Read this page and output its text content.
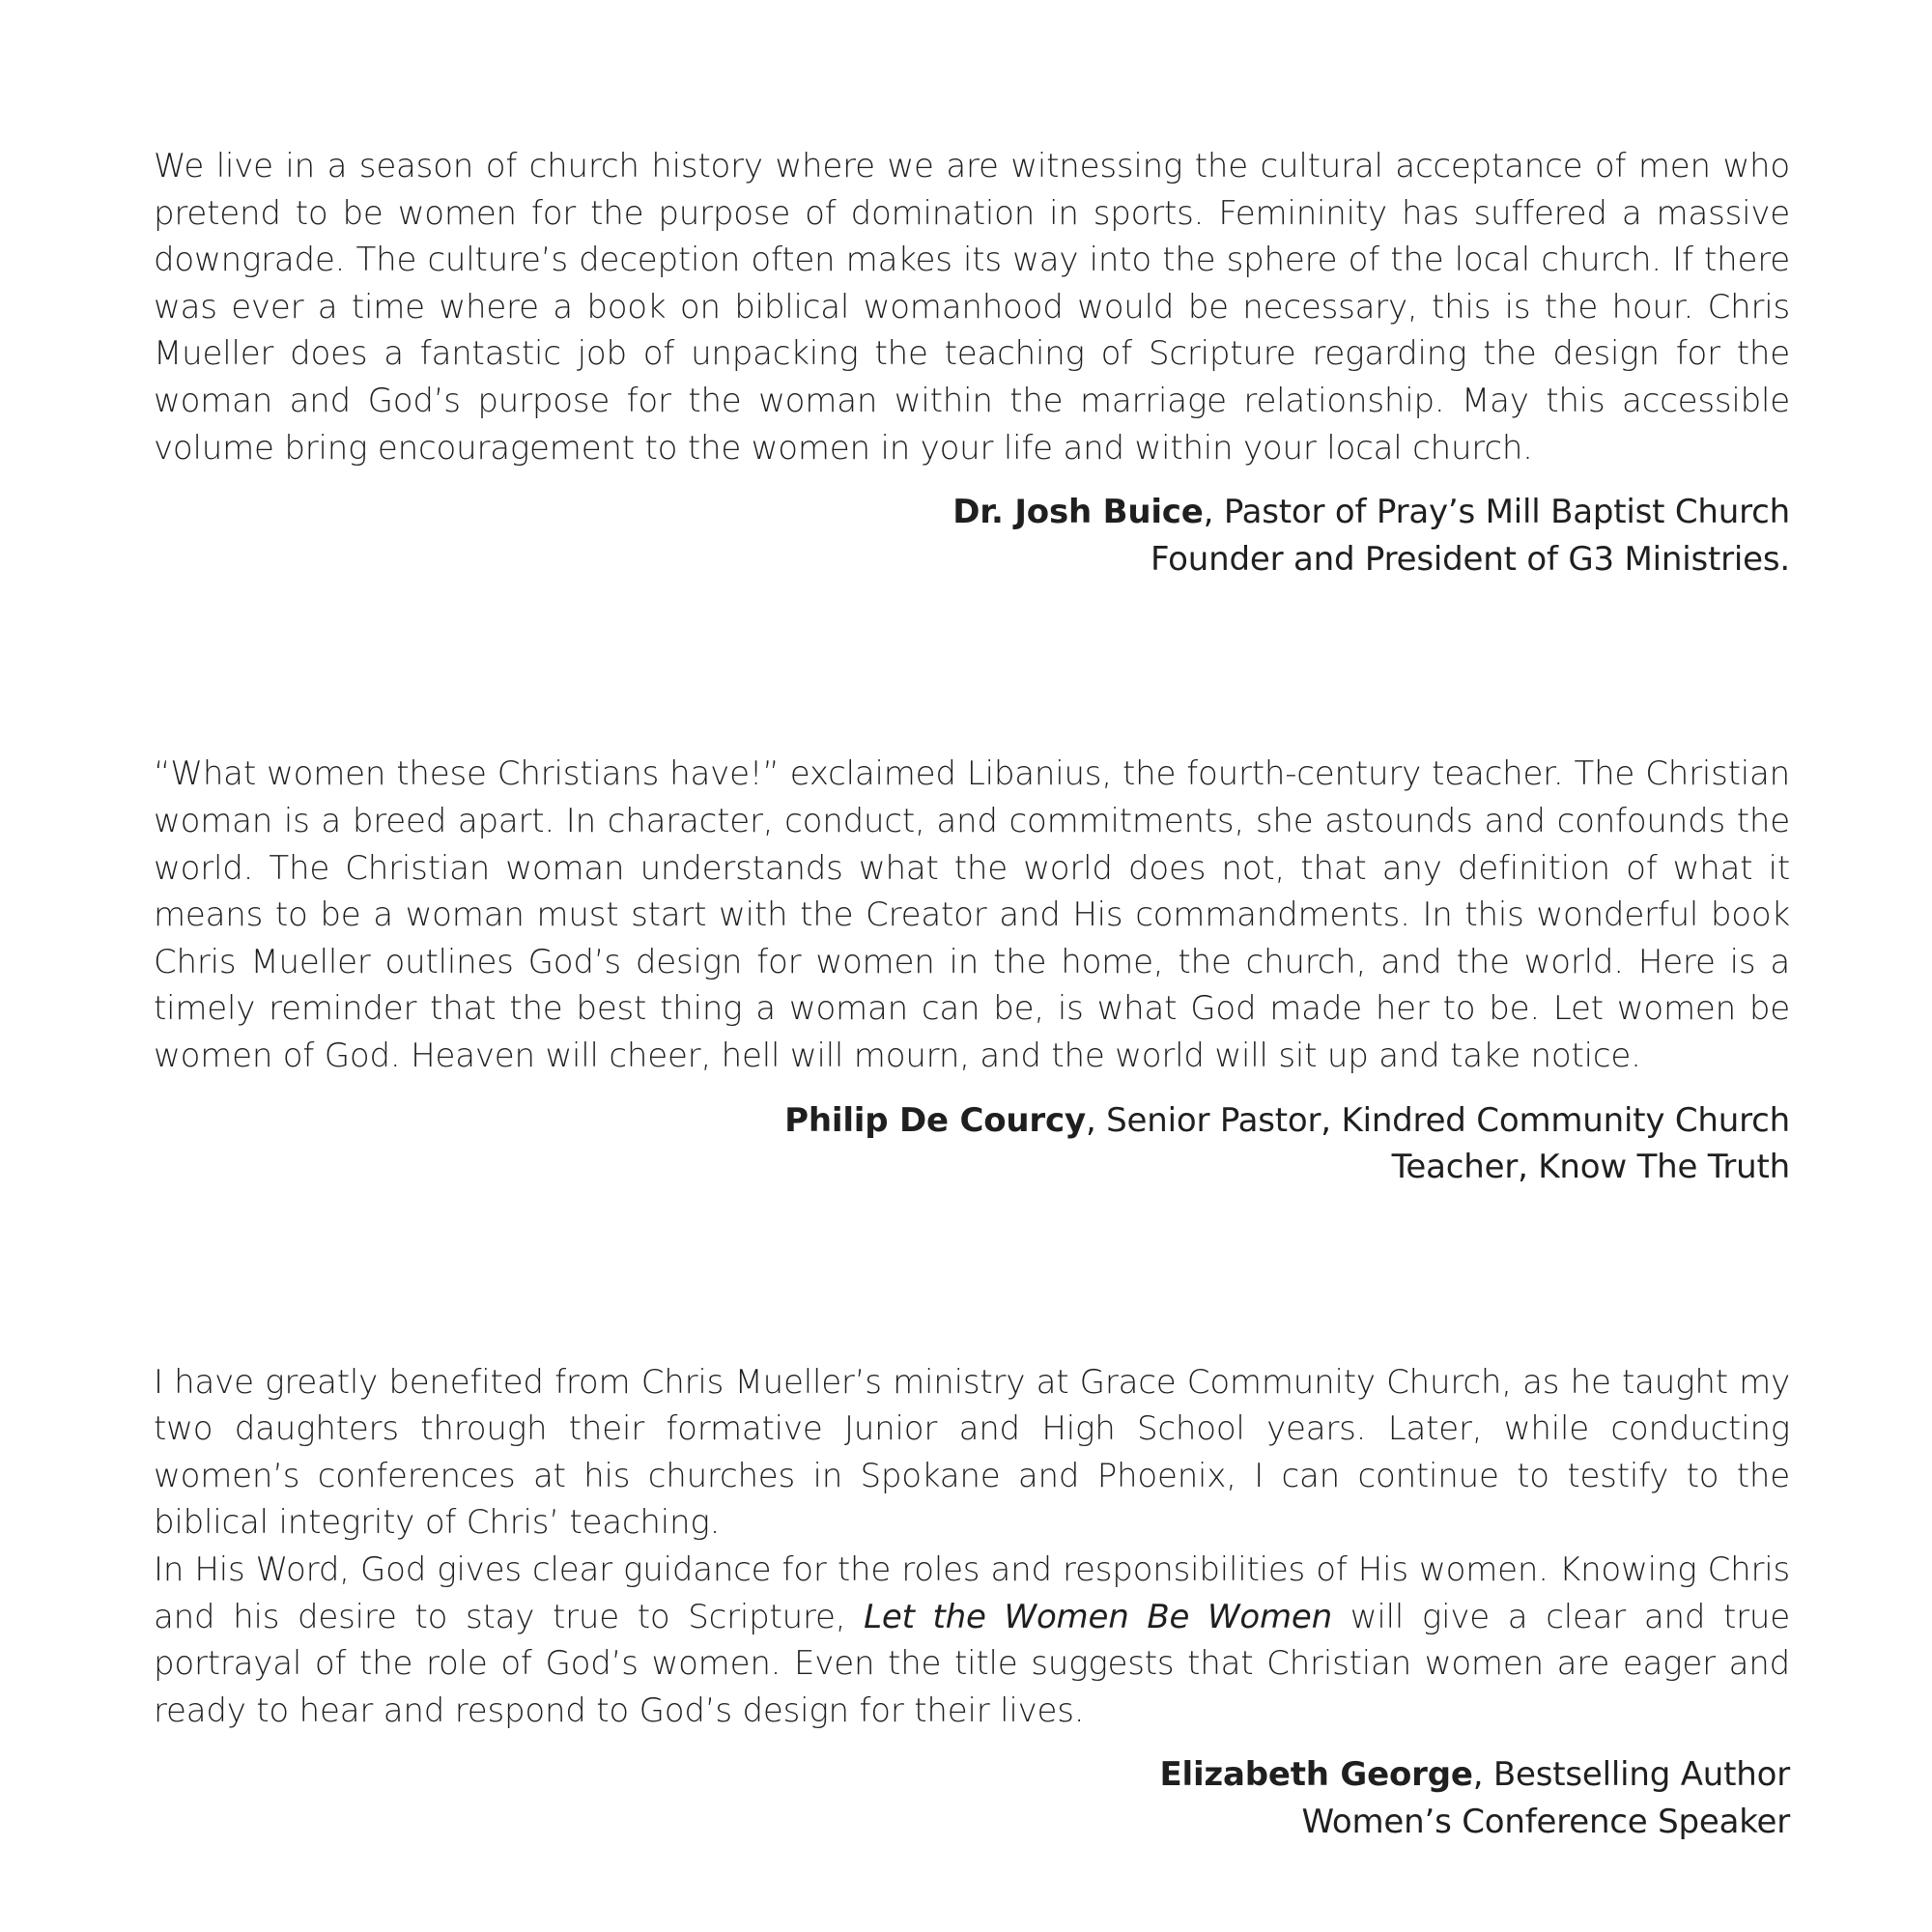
We live in a season of church history where we are witnessing the cultural acceptance of men who pretend to be women for the purpose of domination in sports. Femininity has suffered a massive downgrade. The culture’s deception often makes its way into the sphere of the local church. If there was ever a time where a book on biblical womanhood would be necessary, this is the hour. Chris Mueller does a fantastic job of unpacking the teaching of Scripture regarding the design for the woman and God’s purpose for the woman within the marriage relationship. May this accessible volume bring encouragement to the women in your life and within your local church.

Dr. Josh Buice, Pastor of Pray’s Mill Baptist Church
Founder and President of G3 Ministries.

“What women these Christians have!” exclaimed Libanius, the fourth-century teacher. The Christian woman is a breed apart. In character, conduct, and commitments, she astounds and confounds the world. The Christian woman understands what the world does not, that any definition of what it means to be a woman must start with the Creator and His commandments. In this wonderful book Chris Mueller outlines God’s design for women in the home, the church, and the world. Here is a timely reminder that the best thing a woman can be, is what God made her to be. Let women be women of God. Heaven will cheer, hell will mourn, and the world will sit up and take notice.

Philip De Courcy, Senior Pastor, Kindred Community Church
Teacher, Know The Truth

I have greatly benefited from Chris Mueller’s ministry at Grace Community Church, as he taught my two daughters through their formative Junior and High School years. Later, while conducting women’s conferences at his churches in Spokane and Phoenix, I can continue to testify to the biblical integrity of Chris’ teaching.

In His Word, God gives clear guidance for the roles and responsibilities of His women. Knowing Chris and his desire to stay true to Scripture, Let the Women Be Women will give a clear and true portrayal of the role of God’s women. Even the title suggests that Christian women are eager and ready to hear and respond to God’s design for their lives.

Elizabeth George, Bestselling Author
Women’s Conference Speaker
